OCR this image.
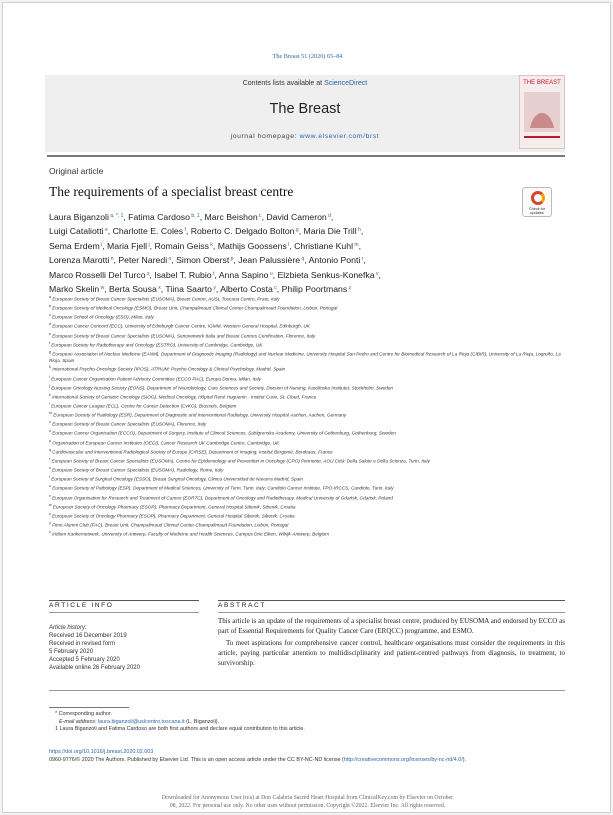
The Breast 51 (2020) 65–84
Contents lists available at ScienceDirect
The Breast
journal homepage: www.elsevier.com/brst
THE BREAST
Original article
The requirements of a specialist breast centre
Check for
updates
Laura Biganzoli $^{a, *, 1}$, Fatima Cardoso $^{b, 1}$, Marc Beishon $^c$, David Cameron $^d$,
Luigi Cataliotti $^e$, Charlotte E. Coles $^f$, Roberto C. Delgado Bolton $^g$, Maria Die Trill $^h$,
Sema Erdem $^i$, Maria Fjell $^j$, Romain Geiss $^k$, Mathijs Goossens $^l$, Christiane Kuhl $^m$,
Lorenza Marotti $^n$, Peter Naredi $^o$, Simon Oberst $^p$, Jean Palussière $^q$, Antonio Ponti $^r$,
Marco Rosselli Del Turco $^s$, Isabel T. Rubio $^t$, Anna Sapino $^u$, Elzbieta Senkus-Konefka $^v$,
Marko Skelin $^w$, Berta Sousa $^x$, Tiina Saarto $^y$, Alberto Costa $^c$, Philip Poortmans $^z$

$^a$ European Society of Breast Cancer Specialists (EUSOMA), Breast Centre, AUSL Toscana Centro, Prato, Italy

$^b$ European Society of Medical Oncology (ESMO), Breast Unit, Champalimaud Clinical Center-Champalimaud Foundation, Lisbon, Portugal

$^c$ European School of Oncology (ESO), Milan, Italy

$^d$ European Cancer Concord (ECC), University of Edinburgh Cancer Centre, IGMM, Western General Hospital, Edinburgh, UK

$^e$ European Society of Breast Cancer Specialists (EUSOMA), Senonetwork Italia and Breast Centres Certification, Florence, Italy

$^f$ European Society for Radiotherapy and Oncology (ESTRO), University of Cambridge, Cambridge, UK

$^g$ European Association of Nuclear Medicine (EANM), Department of Diagnostic Imaging (Radiology) and Nuclear Medicine, University Hospital San Pedro and Centre for Biomedical Research of La Rioja (CIBIR), University of La Rioja, Logroño, La Rioja, Spain

$^h$ International Psycho-Oncology Society (IPOS), ATRIUM: Psycho-Oncology & Clinical Psychology, Madrid, Spain

$^i$ European Cancer Organisation Patient Advisory Committee (ECCO PAC), Europa Donna, Milan, Italy

$^j$ European Oncology Nursing Society (EONS), Department of Neurobiology, Care Sciences and Society, Division of Nursing, Karolinska Institutet, Stockholm, Sweden

$^k$ International Society of Geriatric Oncology (SIOG), Medical Oncology, Hôpital René Huguenin - Institut Curie, St. Cloud, France

$^l$ European Cancer League (ECL), Centre for Cancer Detection (CvKO), Brussels, Belgium

$^m$ European Society of Radiology (ESR), Department of Diagnostic and Interventional Radiology, University Hospital Aachen, Aachen, Germany

$^n$ European Society of Breast Cancer Specialists (EUSOMA), Florence, Italy

$^o$ European Cancer Organisation (ECCO), Department of Surgery, Institute of Clinical Sciences, Sahlgrenska Academy, University of Gothenburg, Gothenburg, Sweden

$^p$ Organisation of European Cancer Institutes (OECI), Cancer Research UK Cambridge Centre, Cambridge, UK

$^q$ Cardiovascular and Interventional Radiological Society of Europe (CIRSE), Department of Imaging, Institut Bergonié, Bordeaux, France

$^r$ European Society of Breast Cancer Specialists (EUSOMA), Centre for Epidemiology and Prevention in Oncology (CPO) Piemonte, AOU Città' Della Salute e Della Scienza, Turin, Italy

$^s$ European Society of Breast Cancer Specialists (EUSOMA), Radiology, Rome, Italy

$^t$ European Society of Surgical Oncology (ESSO), Breast Surgical Oncology, Clinica Universidad de Navarra Madrid, Spain

$^u$ European Society of Pathology (ESP), Department of Medical Sciences, University of Turin, Turin, Italy; Candiolo Cancer Institute, FPO-IRCCS, Candiolo, Turin, Italy

$^v$ European Organisation for Research and Treatment of Cancer (EORTC), Department of Oncology and Radiotherapy, Medical University of Gdańsk, Gdańsk, Poland

$^w$ European Society of Oncology Pharmacy (ESOP), Pharmacy Department, General Hospital Sibenik, Sibenik, Croatia

$^x$ European Society of Oncology Pharmacy (ESOP), Pharmacy Department, General Hospital Sibenik, Sibenik, Croatia

$^y$ Fimo Alumni Club (FAC), Breast Unit, Champalimaud Clinical Center-Champalimaud Foundation, Lisbon, Portugal

$^z$ Iridium Kankernetwerk, University of Antwerp, Faculty of Medicine and Health Sciences, Campus Drie Eiken, Wilrijk-Antwerp, Belgium

ARTICLE INFO	ABSTRACT
Article history:
Received 16 December 2019
Received in revised form
5 February 2020
Accepted 5 February 2020
Available online 26 February 2020

This article is an update of the requirements of a specialist breast centre, produced by EUSOMA and endorsed by ECCO as part of Essential Requirements for Quality Cancer Care (ERQCC) programme, and ESMO.

To meet aspirations for comprehensive cancer control, healthcare organisations must consider the requirements in this article, paying particular attention to multidisciplinarity and patient-centred pathways from diagnosis, to treatment, to survivorship.

* Corresponding author.
E-mail address: laura.biganzoli@uslcentro.toscana.it (L. Biganzoli).
1 Laura Biganzoli and Fatima Cardoso are both first authors and declare equal contribution to this article.
https://doi.org/10.1016/j.breast.2020.02.003
0960-9776/© 2020 The Authors. Published by Elsevier Ltd. This is an open access article under the CC BY-NC-ND license (http://creativecommons.org/licenses/by-nc-nd/4.0/).
Downloaded for Anonymous User (n/a) at Don Calabria Sacred Heart Hospital from ClinicalKey.com by Elsevier on October
08, 2022. For personal use only. No other uses without permission. Copyright ©2022. Elsevier Inc. All rights reserved.
